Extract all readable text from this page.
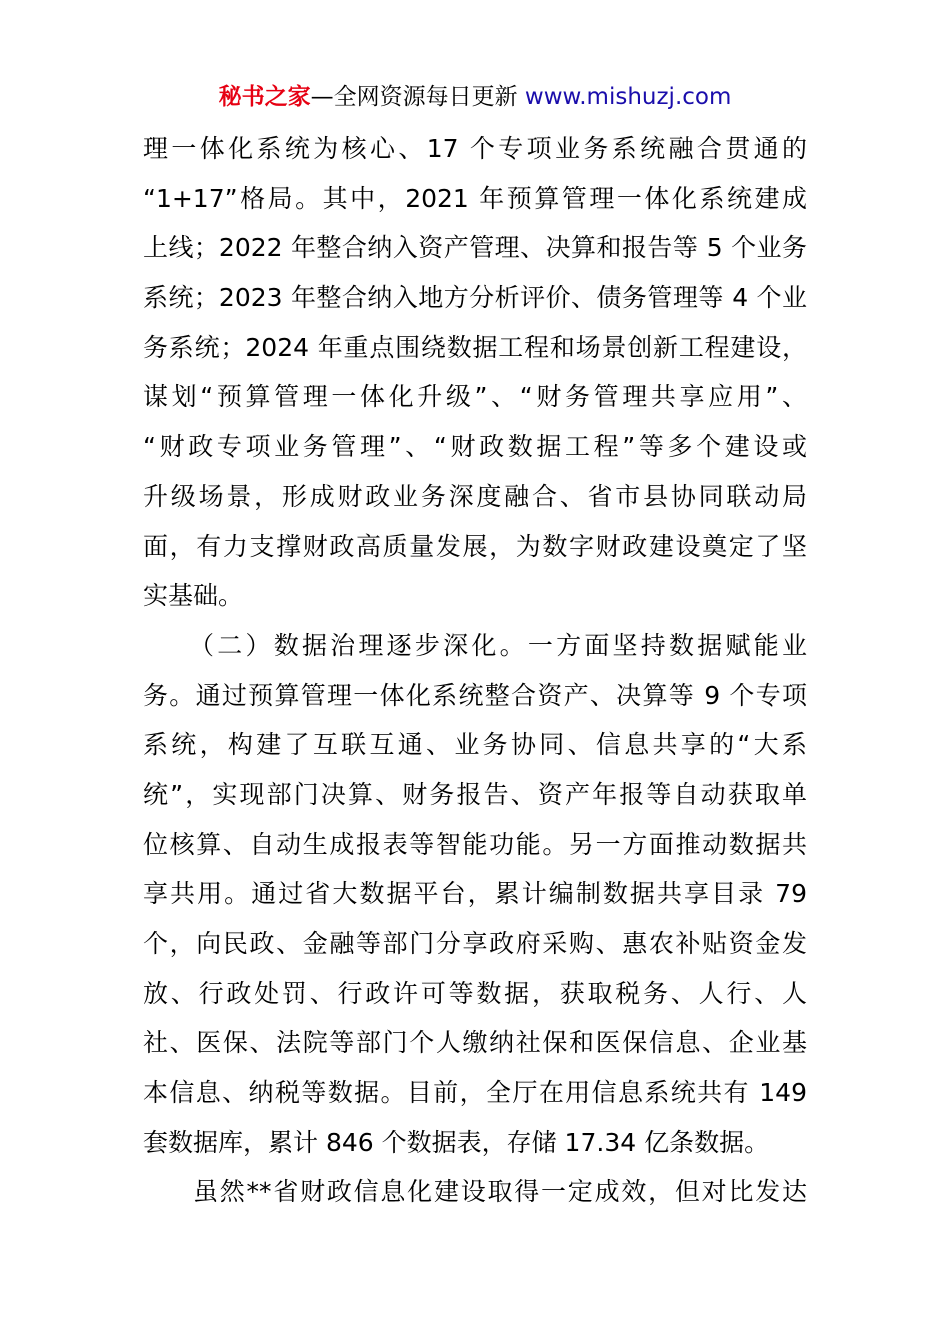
秘书之家—全网资源每日更新 www.mishuzj.com
理一体化系统为核心、17 个专项业务系统融合贯通的
“1+17”格局。其中，2021 年预算管理一体化系统建成
上线；2022 年整合纳入资产管理、决算和报告等 5 个业务
系统；2023 年整合纳入地方分析评价、债务管理等 4 个业
务系统；2024 年重点围绕数据工程和场景创新工程建设，
谋划“预算管理一体化升级”、“财务管理共享应用”、
“财政专项业务管理”、“财政数据工程”等多个建设或
升级场景，形成财政业务深度融合、省市县协同联动局
面，有力支撑财政高质量发展，为数字财政建设奠定了坚
实基础。
（二）数据治理逐步深化。一方面坚持数据赋能业
务。通过预算管理一体化系统整合资产、决算等 9 个专项
系统，构建了互联互通、业务协同、信息共享的“大系
统”，实现部门决算、财务报告、资产年报等自动获取单
位核算、自动生成报表等智能功能。另一方面推动数据共
享共用。通过省大数据平台，累计编制数据共享目录 79
个，向民政、金融等部门分享政府采购、惠农补贴资金发
放、行政处罚、行政许可等数据，获取税务、人行、人
社、医保、法院等部门个人缴纳社保和医保信息、企业基
本信息、纳税等数据。目前，全厅在用信息系统共有 149
套数据库，累计 846 个数据表，存储 17.34 亿条数据。
虽然**省财政信息化建设取得一定成效，但对比发达
